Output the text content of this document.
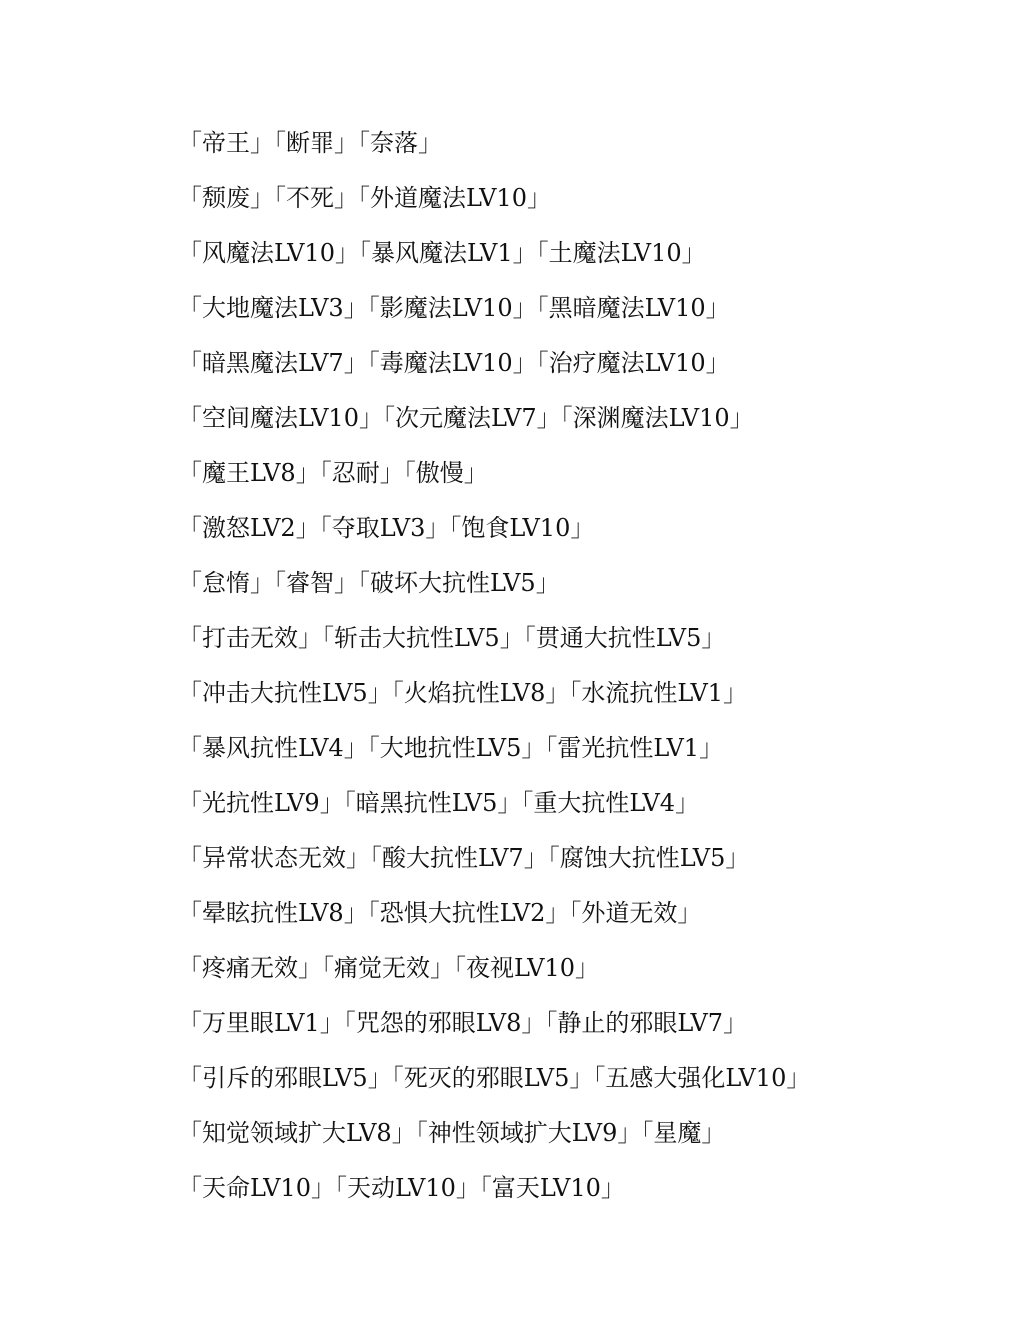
「帝王」「断罪」「奈落」
「颓废」「不死」「外道魔法LV10」
「风魔法LV10」「暴风魔法LV1」「土魔法LV10」
「大地魔法LV3」「影魔法LV10」「黑暗魔法LV10」
「暗黑魔法LV7」「毒魔法LV10」「治疗魔法LV10」
「空间魔法LV10」「次元魔法LV7」「深渊魔法LV10」
「魔王LV8」「忍耐」「傲慢」
「激怒LV2」「夺取LV3」「饱食LV10」
「怠惰」「睿智」「破坏大抗性LV5」
「打击无效」「斩击大抗性LV5」「贯通大抗性LV5」
「冲击大抗性LV5」「火焰抗性LV8」「水流抗性LV1」
「暴风抗性LV4」「大地抗性LV5」「雷光抗性LV1」
「光抗性LV9」「暗黑抗性LV5」「重大抗性LV4」
「异常状态无效」「酸大抗性LV7」「腐蚀大抗性LV5」
「晕眩抗性LV8」「恐惧大抗性LV2」「外道无效」
「疼痛无效」「痛觉无效」「夜视LV10」
「万里眼LV1」「咒怨的邪眼LV8」「静止的邪眼LV7」
「引斥的邪眼LV5」「死灭的邪眼LV5」「五感大强化LV10」
「知觉领域扩大LV8」「神性领域扩大LV9」「星魔」
「天命LV10」「天动LV10」「富天LV10」
